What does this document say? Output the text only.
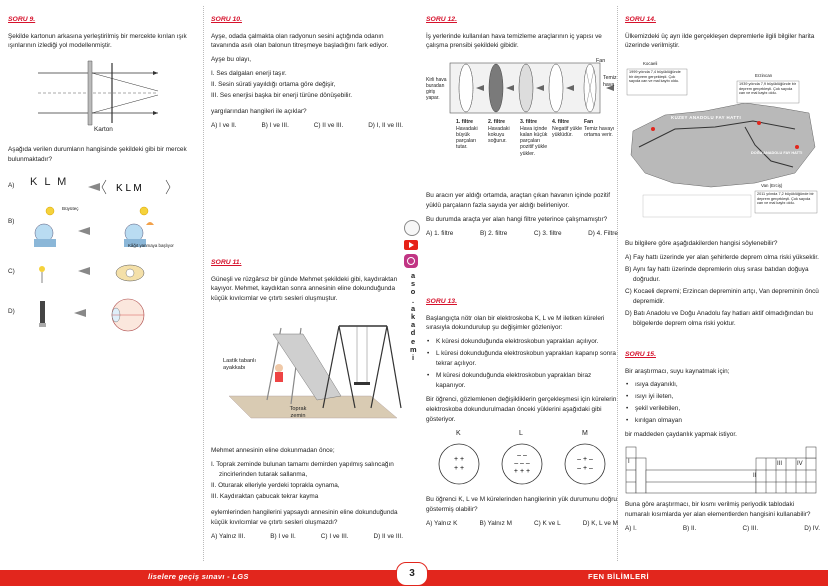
SORU 9.

Şekilde kartonun arkasına yerleştirilmiş bir mercekte kırılan ışık ışınlarının izlediği yol modellenmiştir.

Karton

Aşağıda verilen durumların hangisinde şekildeki gibi bir mercek bulunmaktadır?

A) K L M
K L M
B)
Büyüteç
Kâğıt yanmaya başlıyor
C)
D)
SORU 10.

Ayşe, odada çalmakta olan radyonun sesini açtığında odanın tavanında asılı olan balonun titreşmeye başladığını fark ediyor.

Ayşe bu olayı,

I. Ses dalgaları enerji taşır.
II. Sesin sürati yayıldığı ortama göre değişir,
III. Ses enerjisi başka bir enerji türüne dönüşebilir.

yargılarından hangileri ile açıklar?

A) I ve II.	B) I ve III.	C) II ve III.	D) I, II ve III.
SORU 11.

Güneşli ve rüzgârsız bir günde Mehmet şekildeki gibi, kaydıraktan kayıyor. Mehmet, kaydıktan sonra annesinin eline dokunduğunda küçük kıvılcımlar ve çıtırtı sesleri oluşmuştur.

Lastik tabanlı ayakkabı
Toprak zemin

Mehmet annesinin eline dokunmadan önce;

I. Toprak zeminde bulunan tamamı demirden yapılmış salıncağın zincirlerinden tutarak sallanma,
II. Oturarak elleriyle yerdeki toprakla oynama,
III. Kaydıraktan çabucak tekrar kayma

eylemlerinden hangilerini yapsaydı annesinin eline dokunduğunda küçük kıvılcımlar ve çıtırtı sesleri oluşmazdı?

A) Yalnız III.	B) I ve II.	C) I ve III.	D) II ve III.
a
s
o
.
a
k
a
d
e
m
i
SORU 12.

İş yerlerinde kullanılan hava temizleme araçlarının iç yapısı ve çalışma prensibi şekildeki gibidir.

Kirli hava buradan giriş yapar.
Fan
Temiz hava
1. filtre
Havadaki büyük parçaları tutar.
2. filtre
Havadaki kokuyu soğurur.
3. filtre
Hava içinde kalan küçük parçaları pozitif yükle yükler.
4. filtre
Negatif yükle yüklüdür.
Fan
Temiz havayı ortama verir.

Bu aracın yer aldığı ortamda, araçtan çıkan havanın içinde pozitif yüklü parçaların fazla sayıda yer aldığı belirleniyor.

Bu durumda araçta yer alan hangi filtre yeterince çalışmamıştır?

A) 1. filtre	B) 2. filtre	C) 3. filtre	D) 4. Filtre
SORU 13.

Başlangıçta nötr olan bir elektroskoba K, L ve M iletken küreleri sırasıyla dokundurulup şu değişimler gözleniyor:

• K küresi dokunduğunda elektroskobun yaprakları açılıyor.
• L küresi dokunduğunda elektroskobun yaprakları kapanıp sonra tekrar açılıyor.
• M küresi dokunduğunda elektroskobun yaprakları biraz kapanıyor.

Bir öğrenci, gözlemlenen değişikliklerin gerçekleşmesi için kürelerin elektroskoba dokundurulmadan önceki yüklerini aşağıdaki gibi gösteriyor.

K	L	M
+ +
+ +
– –
– – –
+ + +
– + –
– + –

Bu öğrenci K, L ve M kürelerinden hangilerinin yük durumunu doğru göstermiş olabilir?

A) Yalnız K	B) Yalnız M	C) K ve L	D) K, L ve M
SORU 14.

Ülkemizdeki üç ayrı ilde gerçekleşen depremlerle ilgili bilgiler harita üzerinde verilmiştir.

Kocaeli
1999 yılında 7,4 büyüklüğünde bir deprem gerçekleşti. Çok sayıda can ve mal kaybı oldu.
Erzincan
1939 yılında 7,9 büyüklüğünde bir deprem gerçekleşti. Çok sayıda can ve mal kaybı oldu.
KUZEY ANADOLU FAY HATTI
DOĞU ANADOLU FAY HATTI
Van (Erciş)
2011 yılında 7,2 büyüklüğünde bir deprem gerçekleşti. Çok sayıda can ve mal kaybı oldu.

Bu bilgilere göre aşağıdakilerden hangisi söylenebilir?

A) Fay hattı üzerinde yer alan şehirlerde deprem olma riski yükseklir.
B) Aynı fay hattı üzerinde depremlerin oluş sırası batıdan doğuya doğrudur.
C) Kocaeli depremi; Erzincan depreminin artçı, Van depreminin öncü depremidir.
D) Batı Anadolu ve Doğu Anadolu fay hatları aktif olmadığından bu bölgelerde deprem olma riski yoktur.
SORU 15.

Bir araştırmacı, suyu kaynatmak için;

• ısıya dayanıklı,
• ısıyı iyi ileten,
• şekil verilebilen,
• kırılgan olmayan

bir maddeden çaydanlık yapmak istiyor.

I
II
III IV

Buna göre araştırmacı, bir kısmı verilmiş periyodik tablodaki numaralı kısımlarda yer alan elementlerden hangisini kullanabilir?

A) I.	B) II.	C) III.	D) IV.
liselere geçiş sınavı - LGS	FEN BİLİMLERİ
3
